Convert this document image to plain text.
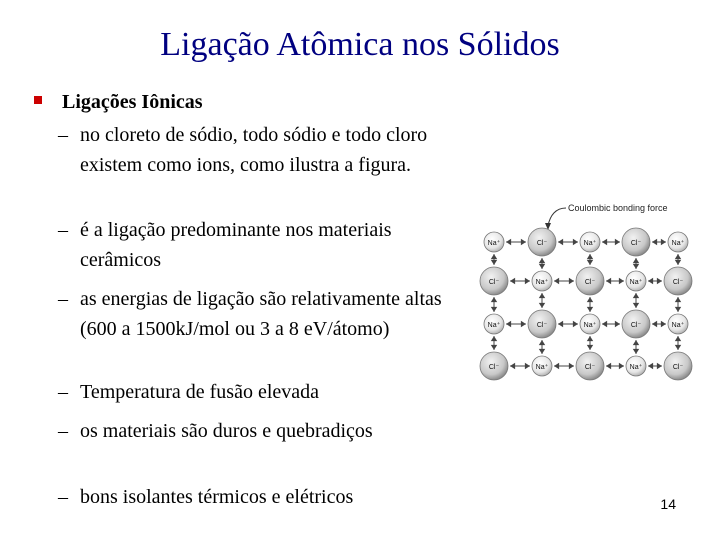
Ligação Atômica nos Sólidos
Ligações Iônicas
– no cloreto de sódio, todo sódio e todo cloro existem como ions, como ilustra a figura.
– é a ligação predominante nos materiais cerâmicos
– as energias de ligação são relativamente altas (600 a 1500kJ/mol ou 3 a 8 eV/átomo)
– Temperatura de fusão elevada
– os materiais são duros e quebradiços
– bons isolantes térmicos e elétricos
Coulombic bonding force
Na⁺	Cl⁻	Na⁺	Cl⁻	Na⁺
Cl⁻	Na⁺	Cl⁻	Na⁺	Cl⁻
Na⁺	Cl⁻	Na⁺	Cl⁻	Na⁺
Cl⁻	Na⁺	Cl⁻	Na⁺	Cl⁻
14
